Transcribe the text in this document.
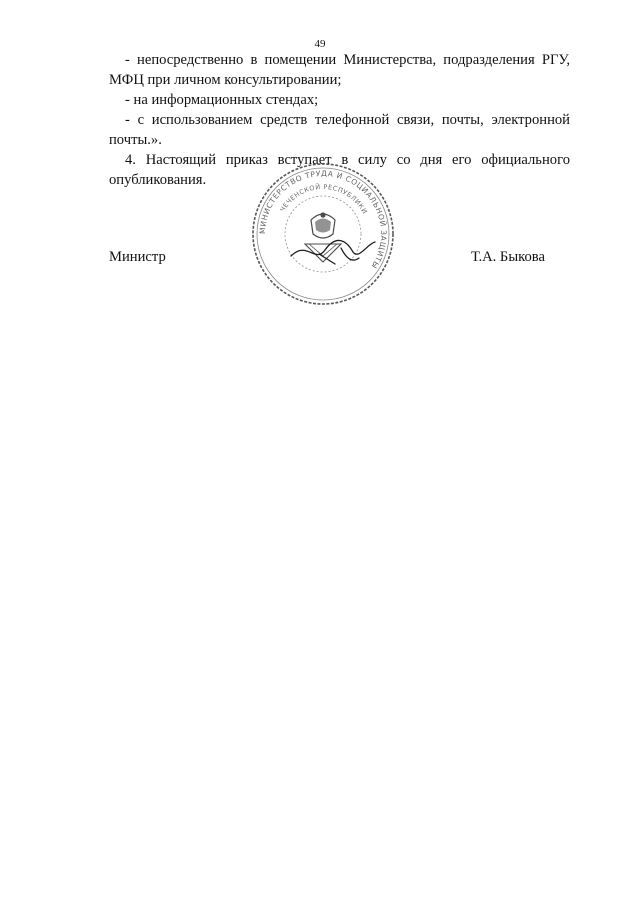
49

- непосредственно в помещении Министерства, подразделения РГУ,
МФЦ при личном консультировании;

- на информационных стендах;

- с использованием средств телефонной связи, почты, электронной
почты.».

4. Настоящий приказ вступает в силу со дня его официального
опубликования.

Министр	Т.А. Быкова
МИНИСТЕРСТВО ТРУДА И СОЦИАЛЬНОЙ ЗАЩИТЫ
ЧЕЧЕНСКОЙ РЕСПУБЛИКИ
